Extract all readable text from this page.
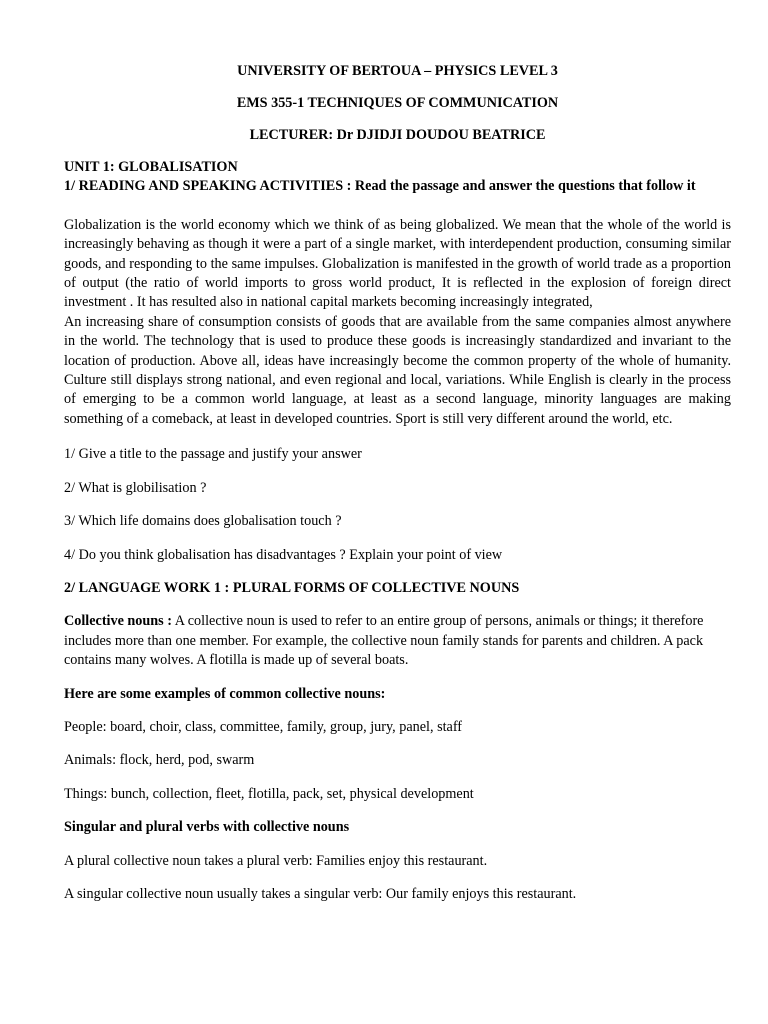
UNIVERSITY OF BERTOUA – PHYSICS LEVEL 3

EMS 355-1 TECHNIQUES OF COMMUNICATION

LECTURER: Dr DJIDJI DOUDOU BEATRICE

UNIT 1: GLOBALISATION

1/ READING AND SPEAKING ACTIVITIES : Read the passage and answer the questions that follow it

Globalization is the world economy which we think of as being globalized. We mean that the whole of the world is increasingly behaving as though it were a part of a single market, with interdependent production, consuming similar goods, and responding to the same impulses. Globalization is manifested in the growth of world trade as a proportion of output (the ratio of world imports to gross world product, It is reflected in the explosion of foreign direct investment . It has resulted also in national capital markets becoming increasingly integrated,

An increasing share of consumption consists of goods that are available from the same companies almost anywhere in the world. The technology that is used to produce these goods is increasingly standardized and invariant to the location of production. Above all, ideas have increasingly become the common property of the whole of humanity. Culture still displays strong national, and even regional and local, variations. While English is clearly in the process of emerging to be a common world language, at least as a second language, minority languages are making something of a comeback, at least in developed countries. Sport is still very different around the world, etc.

1/ Give a title to the passage and justify your answer

2/ What is globilisation ?

3/ Which life domains does globalisation touch ?

4/ Do you think globalisation has disadvantages ? Explain your point of view

2/ LANGUAGE WORK 1 : PLURAL FORMS OF COLLECTIVE NOUNS

Collective nouns : A collective noun is used to refer to an entire group of persons, animals or things; it therefore includes more than one member. For example, the collective noun family stands for parents and children. A pack contains many wolves. A flotilla is made up of several boats.

Here are some examples of common collective nouns:

People: board, choir, class, committee, family, group, jury, panel, staff

Animals: flock, herd, pod, swarm

Things: bunch, collection, fleet, flotilla, pack, set, physical development

Singular and plural verbs with collective nouns

A plural collective noun takes a plural verb: Families enjoy this restaurant.

A singular collective noun usually takes a singular verb: Our family enjoys this restaurant.
